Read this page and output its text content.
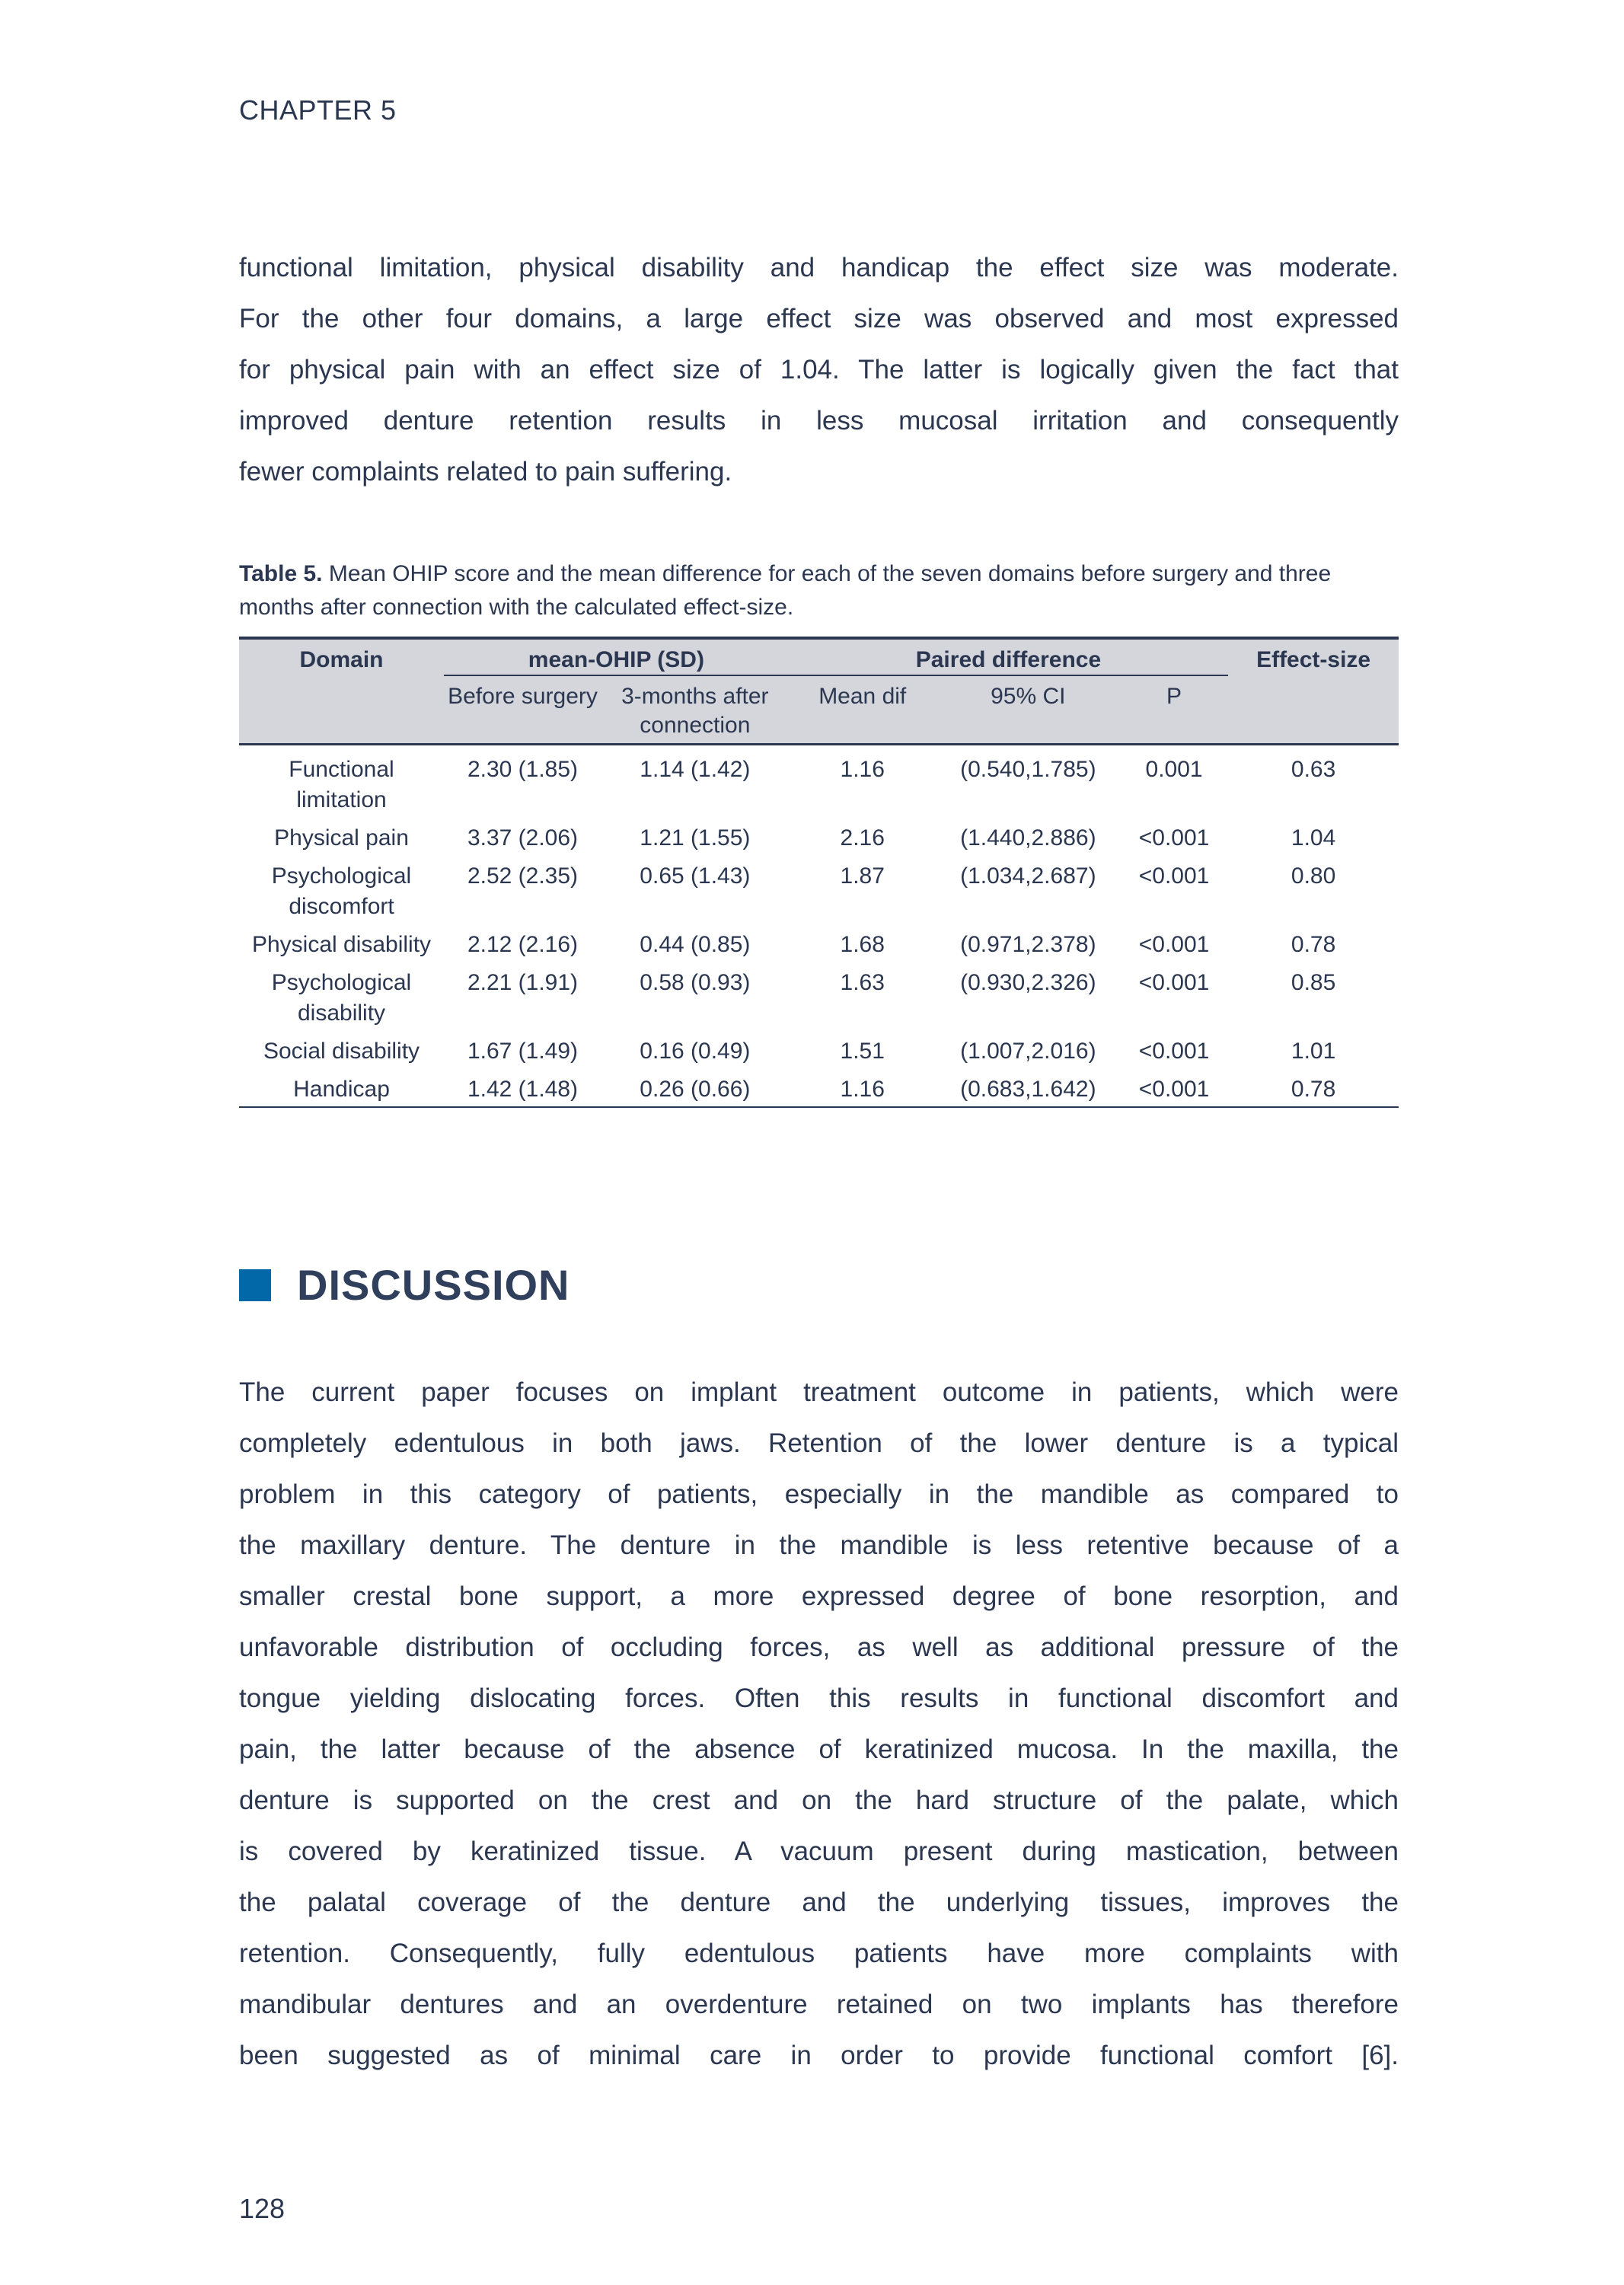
CHAPTER 5
functional limitation, physical disability and handicap the effect size was moderate.
For the other four domains, a large effect size was observed and most expressed
for physical pain with an effect size of 1.04. The latter is logically given the fact that
improved denture retention results in less mucosal irritation and consequently
fewer complaints related to pain suffering.
Table 5. Mean OHIP score and the mean difference for each of the seven domains before surgery and three months after connection with the calculated effect-size.
Domain	mean-OHIP (SD)		Paired difference			Effect-size
	Before surgery	3-months after connection	Mean dif	95% CI	P	
Functional limitation	2.30 (1.85)	1.14 (1.42)	1.16	(0.540,1.785)	0.001	0.63
Physical pain	3.37 (2.06)	1.21 (1.55)	2.16	(1.440,2.886)	<0.001	1.04
Psychological discomfort	2.52 (2.35)	0.65 (1.43)	1.87	(1.034,2.687)	<0.001	0.80
Physical disability	2.12 (2.16)	0.44 (0.85)	1.68	(0.971,2.378)	<0.001	0.78
Psychological disability	2.21 (1.91)	0.58 (0.93)	1.63	(0.930,2.326)	<0.001	0.85
Social disability	1.67 (1.49)	0.16 (0.49)	1.51	(1.007,2.016)	<0.001	1.01
Handicap	1.42 (1.48)	0.26 (0.66)	1.16	(0.683,1.642)	<0.001	0.78
DISCUSSION
The current paper focuses on implant treatment outcome in patients, which were
completely edentulous in both jaws. Retention of the lower denture is a typical
problem in this category of patients, especially in the mandible as compared to
the maxillary denture. The denture in the mandible is less retentive because of a
smaller crestal bone support, a more expressed degree of bone resorption, and
unfavorable distribution of occluding forces, as well as additional pressure of the
tongue yielding dislocating forces. Often this results in functional discomfort and
pain, the latter because of the absence of keratinized mucosa. In the maxilla, the
denture is supported on the crest and on the hard structure of the palate, which
is covered by keratinized tissue. A vacuum present during mastication, between
the palatal coverage of the denture and the underlying tissues, improves the
retention. Consequently, fully edentulous patients have more complaints with
mandibular dentures and an overdenture retained on two implants has therefore
been suggested as of minimal care in order to provide functional comfort [6].
128
